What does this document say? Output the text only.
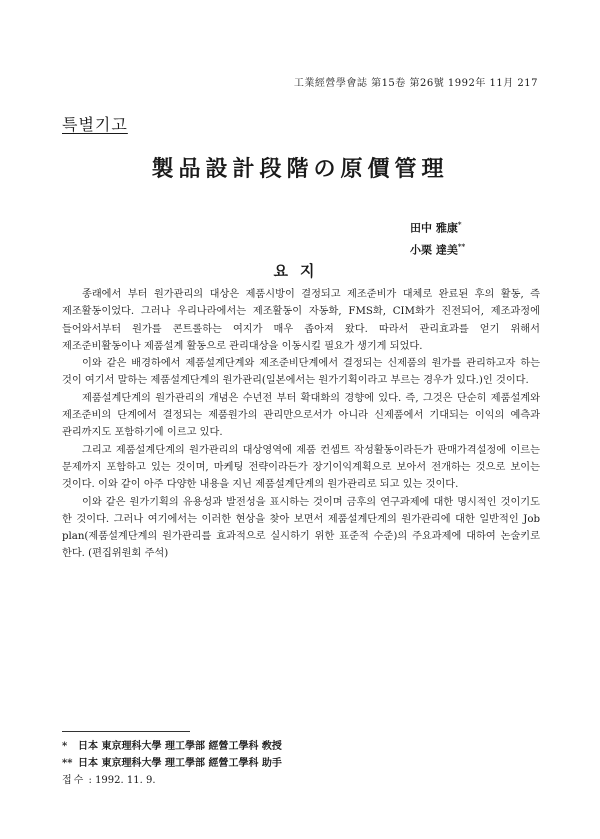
工業經營學會誌 第15卷 第26號 1992年 11月 217
특별기고
製品設計段階の原價管理
田中 雅康*
小栗 達美**
요지

종래에서 부터 원가관리의 대상은 제품시방이 결정되고 제조준비가 대체로 완료된 후의 활동, 즉 제조활동이었다. 그러나 우리나라에서는 제조활동이 자동화, FMS화, CIM화가 진전되어, 제조과정에 들어와서부터 원가를 콘트롤하는 여지가 매우 좁아져 왔다. 따라서 관리효과를 얻기 위해서 제조준비활동이나 제품설계 활동으로 관리대상을 이동시킬 필요가 생기게 되었다.

이와 같은 배경하에서 제품설계단계와 제조준비단계에서 결정되는 신제품의 원가를 관리하고자 하는 것이 여기서 말하는 제품설계단계의 원가관리(일본에서는 원가기획이라고 부르는 경우가 있다.)인 것이다.

제품설계단계의 원가관리의 개념은 수년전 부터 확대화의 경향에 있다. 즉, 그것은 단순히 제품설계와 제조준비의 단계에서 결정되는 제품원가의 관리만으로서가 아니라 신제품에서 기대되는 이익의 예측과 관리까지도 포함하기에 이르고 있다.

그리고 제품설계단계의 원가관리의 대상영역에 제품 컨셉트 작성활동이라든가 판매가격설정에 이르는 문제까지 포함하고 있는 것이며, 마케팅 전략이라든가 장기이익계획으로 보아서 전개하는 것으로 보이는 것이다. 이와 같이 아주 다양한 내용을 지닌 제품설계단계의 원가관리로 되고 있는 것이다.

이와 같은 원가기획의 유용성과 발전성을 표시하는 것이며 금후의 연구과제에 대한 명시적인 것이기도 한 것이다. 그러나 여기에서는 이러한 현상을 찾아 보면서 제품설계단계의 원가관리에 대한 일반적인 Job plan(제품설계단계의 원가관리를 효과적으로 실시하기 위한 표준적 수준)의 주요과제에 대하여 논술키로 한다. (편집위원회 주석)

* 日本 東京理科大學 理工學部 經營工學科 敎授
** 日本 東京理科大學 理工學部 經營工學科 助手
접수 : 1992. 11. 9.
